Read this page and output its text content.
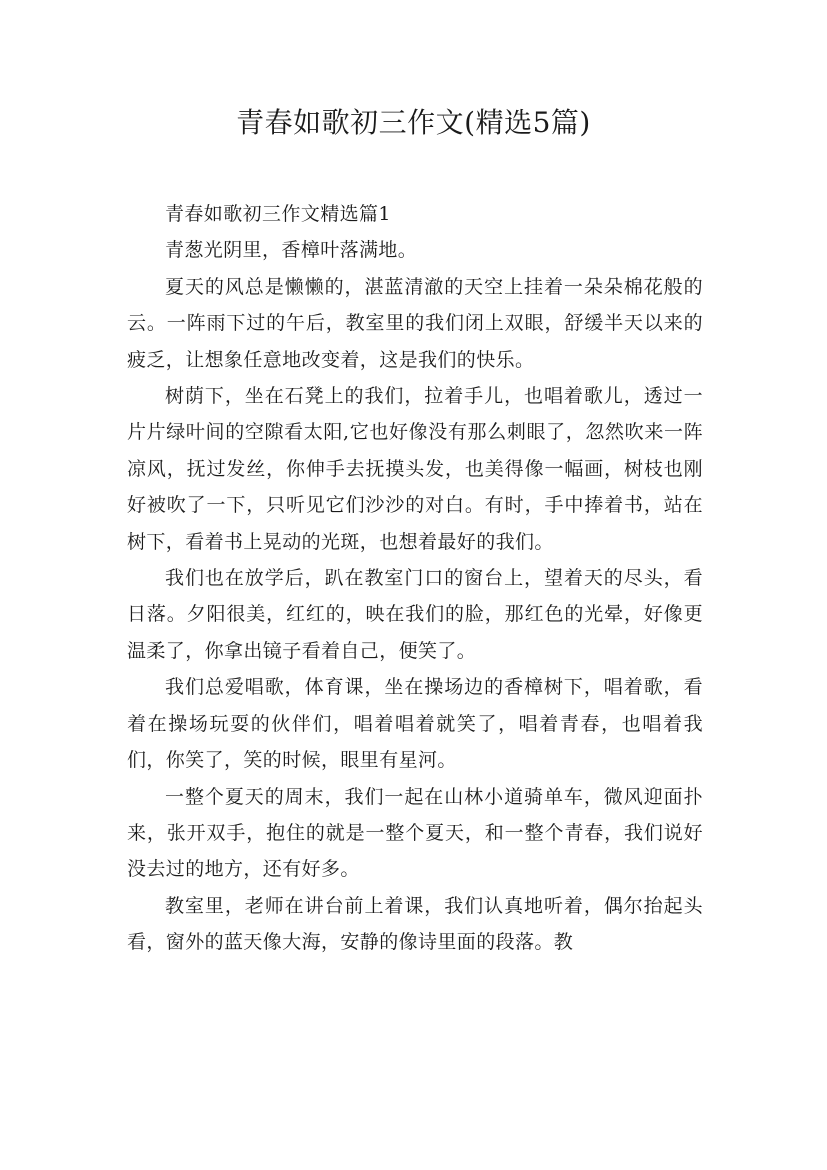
青春如歌初三作文(精选5篇)

青春如歌初三作文精选篇1

青葱光阴里，香樟叶落满地。

夏天的风总是懒懒的，湛蓝清澈的天空上挂着一朵朵棉花般的云。一阵雨下过的午后，教室里的我们闭上双眼，舒缓半天以来的疲乏，让想象任意地改变着，这是我们的快乐。

树荫下，坐在石凳上的我们，拉着手儿，也唱着歌儿，透过一片片绿叶间的空隙看太阳,它也好像没有那么刺眼了，忽然吹来一阵凉风，抚过发丝，你伸手去抚摸头发，也美得像一幅画，树枝也刚好被吹了一下，只听见它们沙沙的对白。有时，手中捧着书，站在树下，看着书上晃动的光斑，也想着最好的我们。

我们也在放学后，趴在教室门口的窗台上，望着天的尽头，看日落。夕阳很美，红红的，映在我们的脸，那红色的光晕，好像更温柔了，你拿出镜子看着自己，便笑了。

我们总爱唱歌，体育课，坐在操场边的香樟树下，唱着歌，看着在操场玩耍的伙伴们，唱着唱着就笑了，唱着青春，也唱着我们，你笑了，笑的时候，眼里有星河。

一整个夏天的周末，我们一起在山林小道骑单车，微风迎面扑来，张开双手，抱住的就是一整个夏天，和一整个青春，我们说好没去过的地方，还有好多。

教室里，老师在讲台前上着课，我们认真地听着，偶尔抬起头看，窗外的蓝天像大海，安静的像诗里面的段落。教
